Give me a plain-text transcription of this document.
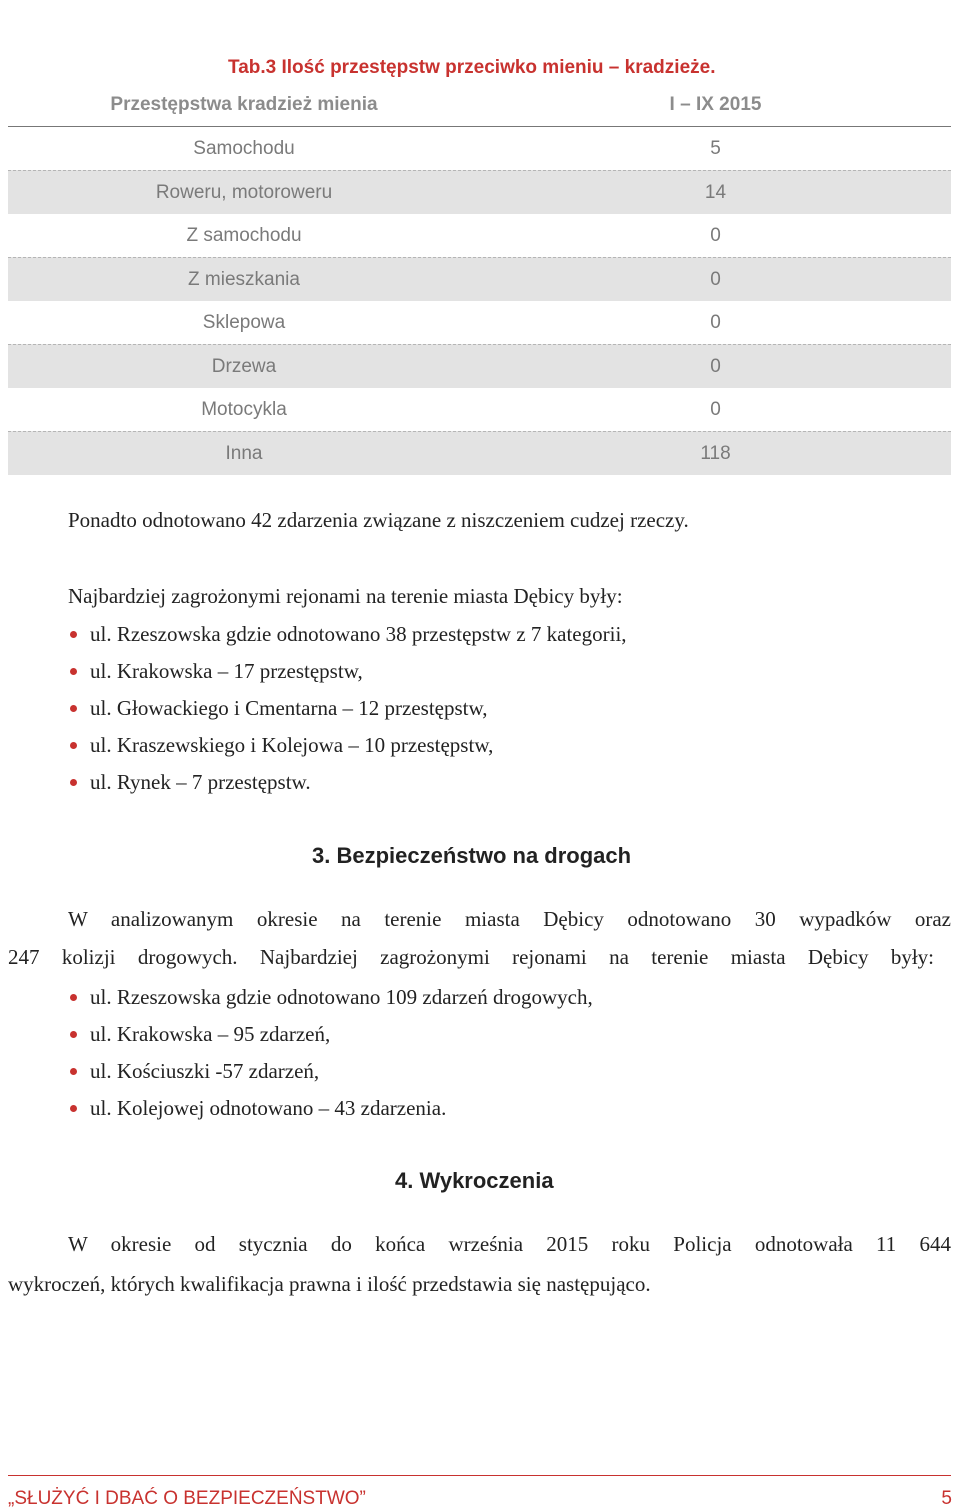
Tab.3 Ilość przestępstw przeciwko mieniu – kradzieże.
Przestępstwa kradzież mienia	I – IX 2015
Samochodu	5
Roweru, motoroweru	14
Z samochodu	0
Z mieszkania	0
Sklepowa	0
Drzewa	0
Motocykla	0
Inna	118

Ponadto odnotowano 42 zdarzenia związane z niszczeniem cudzej rzeczy.

Najbardziej zagrożonymi rejonami na terenie miasta Dębicy były:

ul. Rzeszowska gdzie odnotowano 38 przestępstw z 7 kategorii,
ul. Krakowska – 17 przestępstw,
ul. Głowackiego i Cmentarna – 12 przestępstw,
ul. Kraszewskiego i Kolejowa – 10 przestępstw,
ul. Rynek – 7 przestępstw.
3. Bezpieczeństwo na drogach

W analizowanym okresie na terenie miasta Dębicy odnotowano 30 wypadków oraz

247 kolizji drogowych. Najbardziej zagrożonymi rejonami na terenie miasta Dębicy były:

ul. Rzeszowska gdzie odnotowano 109 zdarzeń drogowych,
ul. Krakowska – 95 zdarzeń,
ul. Kościuszki -57 zdarzeń,
ul. Kolejowej odnotowano – 43 zdarzenia.
4. Wykroczenia

W okresie od stycznia do końca września 2015 roku Policja odnotowała 11 644

wykroczeń, których kwalifikacja prawna i ilość przedstawia się następująco.

„SŁUŻYĆ I DBAĆ O BEZPIECZEŃSTWO”	5
